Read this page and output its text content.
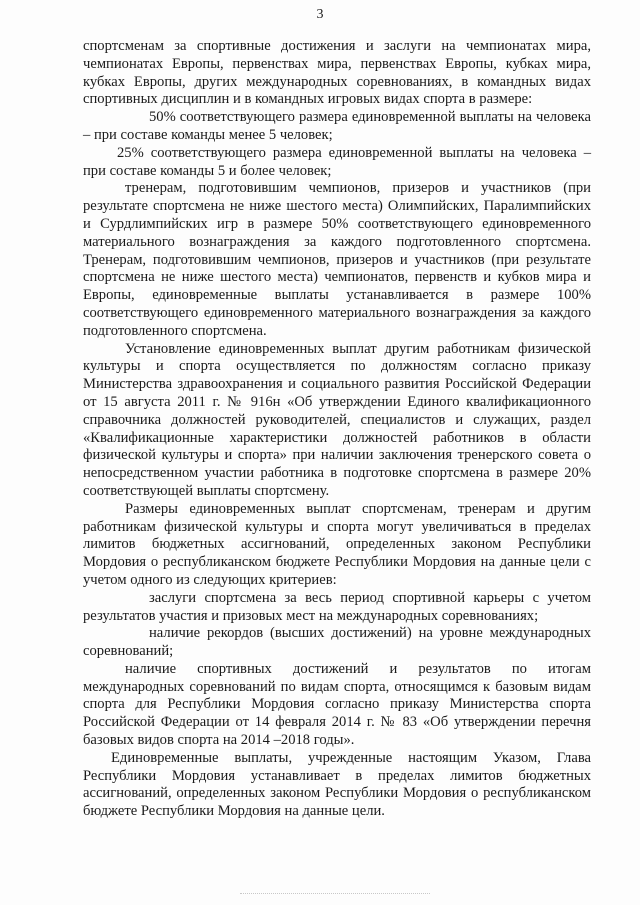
3

спортсменам за спортивные достижения и заслуги на чемпионатах мира, чемпионатах Европы, первенствах мира, первенствах Европы, кубках мира, кубках Европы, других международных соревнованиях, в командных видах спортивных дисциплин и в командных игровых видах спорта в размере:

50% соответствующего размера единовременной выплаты на человека – при составе команды менее 5 человек;

25% соответствующего размера единовременной выплаты на человека – при составе команды 5 и более человек;

тренерам, подготовившим чемпионов, призеров и участников (при результате спортсмена не ниже шестого места) Олимпийских, Паралимпийских и Сурдлимпийских игр в размере 50% соответствующего единовременного материального вознаграждения за каждого подготовленного спортсмена. Тренерам, подготовившим чемпионов, призеров и участников (при результате спортсмена не ниже шестого места) чемпионатов, первенств и кубков мира и Европы, единовременные выплаты устанавливается в размере 100% соответствующего единовременного материального вознаграждения за каждого подготовленного спортсмена.

Установление единовременных выплат другим работникам физической культуры и спорта осуществляется по должностям согласно приказу Министерства здравоохранения и социального развития Российской Федерации от 15 августа 2011 г. № 916н «Об утверждении Единого квалификационного справочника должностей руководителей, специалистов и служащих, раздел «Квалификационные характеристики должностей работников в области физической культуры и спорта» при наличии заключения тренерского совета о непосредственном участии работника в подготовке спортсмена в размере 20% соответствующей выплаты спортсмену.

Размеры единовременных выплат спортсменам, тренерам и другим работникам физической культуры и спорта могут увеличиваться в пределах лимитов бюджетных ассигнований, определенных законом Республики Мордовия о республиканском бюджете Республики Мордовия на данные цели с учетом одного из следующих критериев:

заслуги спортсмена за весь период спортивной карьеры с учетом результатов участия и призовых мест на международных соревнованиях;

наличие рекордов (высших достижений) на уровне международных соревнований;

наличие спортивных достижений и результатов по итогам международных соревнований по видам спорта, относящимся к базовым видам спорта для Республики Мордовия согласно приказу Министерства спорта Российской Федерации от 14 февраля 2014 г. № 83 «Об утверждении перечня базовых видов спорта на 2014 –2018 годы».

Единовременные выплаты, учрежденные настоящим Указом, Глава Республики Мордовия устанавливает в пределах лимитов бюджетных ассигнований, определенных законом Республики Мордовия о республиканском бюджете Республики Мордовия на данные цели.
